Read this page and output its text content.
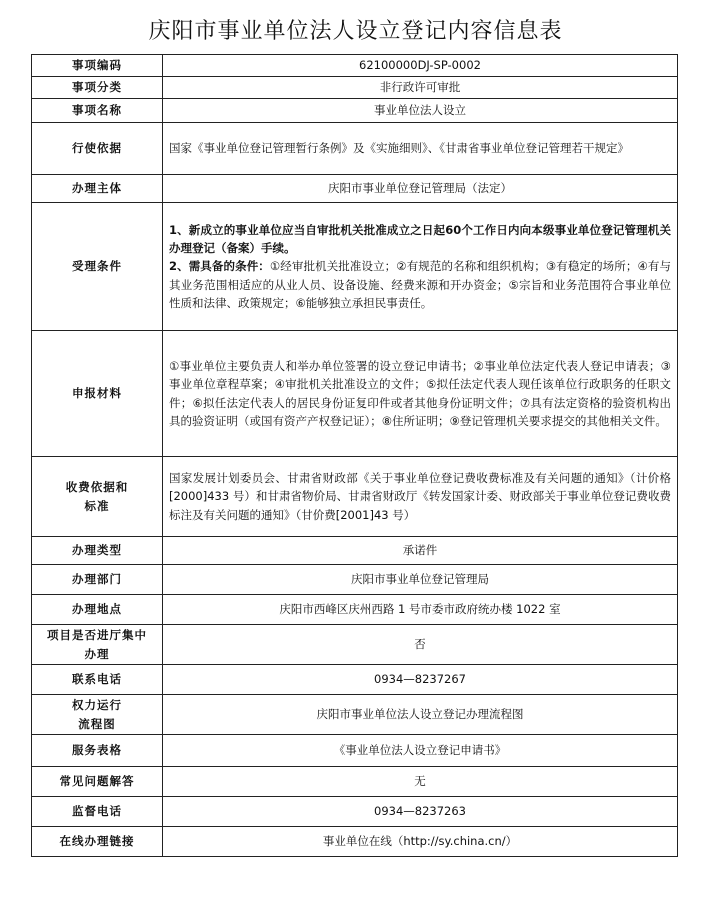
庆阳市事业单位法人设立登记内容信息表
事项编码	62100000DJ-SP-0002
事项分类	非行政许可审批
事项名称	事业单位法人设立
行使依据	国家《事业单位登记管理暂行条例》及《实施细则》、《甘肃省事业单位登记管理若干规定》
办理主体	庆阳市事业单位登记管理局（法定）
受理条件	1、新成立的事业单位应当自审批机关批准成立之日起60个工作日内向本级事业单位登记管理机关办理登记（备案）手续。
2、需具备的条件：①经审批机关批准设立；②有规范的名称和组织机构；③有稳定的场所；④有与其业务范围相适应的从业人员、设备设施、经费来源和开办资金；⑤宗旨和业务范围符合事业单位性质和法律、政策规定；⑥能够独立承担民事责任。

申报材料	①事业单位主要负责人和举办单位签署的设立登记申请书；②事业单位法定代表人登记申请表；③事业单位章程草案；④审批机关批准设立的文件；⑤拟任法定代表人现任该单位行政职务的任职文件；⑥拟任法定代表人的居民身份证复印件或者其他身份证明文件；⑦具有法定资格的验资机构出具的验资证明（或国有资产产权登记证）；⑧住所证明；⑨登记管理机关要求提交的其他相关文件。
收费依据和
标准	国家发展计划委员会、甘肃省财政部《关于事业单位登记费收费标准及有关问题的通知》（计价格[2000]433 号）和甘肃省物价局、甘肃省财政厅《转发国家计委、财政部关于事业单位登记费收费标注及有关问题的通知》（甘价费[2001]43 号）
办理类型	承诺件
办理部门	庆阳市事业单位登记管理局
办理地点	庆阳市西峰区庆州西路 1 号市委市政府统办楼 1022 室
项目是否进厅集中
办理	否
联系电话	0934—8237267
权力运行
流程图	庆阳市事业单位法人设立登记办理流程图
服务表格	《事业单位法人设立登记申请书》
常见问题解答	无
监督电话	0934—8237263
在线办理链接	事业单位在线（http://sy.china.cn/）
